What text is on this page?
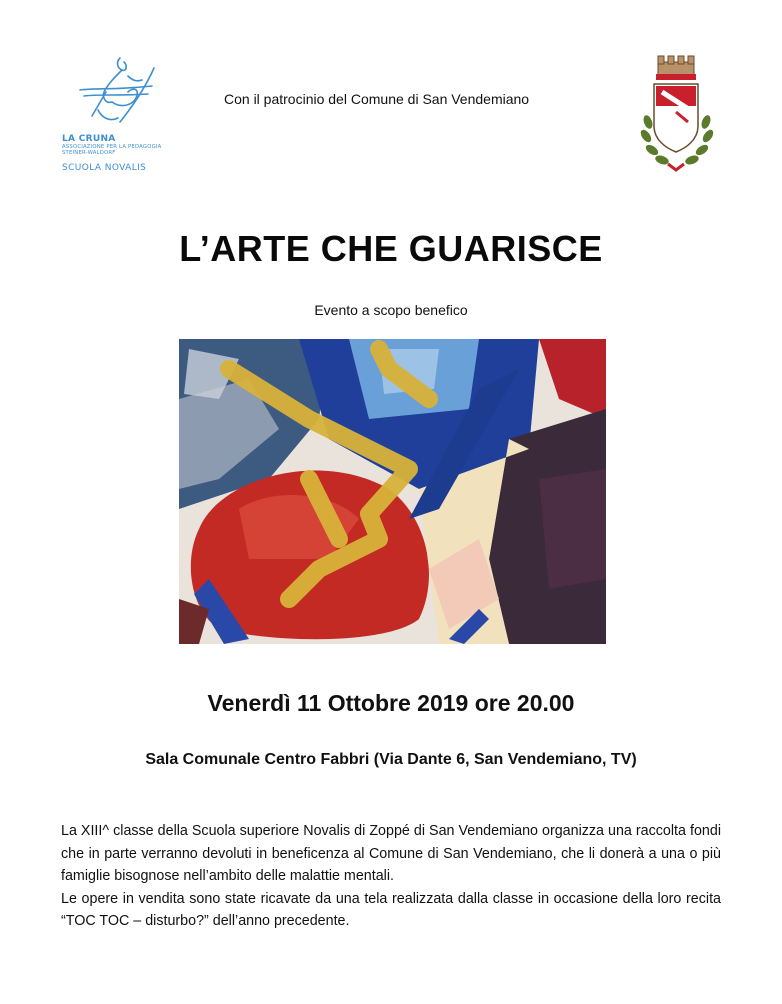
LA CRUNA
ASSOCIAZIONE PER LA PEDAGOGIA
STEINER-WALDORF
SCUOLA NOVALIS
Con il patrocinio del Comune di San Vendemiano
L’ARTE CHE GUARISCE
Evento a scopo benefico
Venerdì 11 Ottobre 2019 ore 20.00
Sala Comunale Centro Fabbri (Via Dante 6, San Vendemiano, TV)

La XIII^ classe della Scuola superiore Novalis di Zoppé di San Vendemiano organizza una raccolta fondi che in parte verranno devoluti in beneficenza al Comune di San Vendemiano, che li donerà a una o più famiglie bisognose nell’ambito delle malattie mentali.

Le opere in vendita sono state ricavate da una tela realizzata dalla classe in occasione della loro recita “TOC TOC – disturbo?” dell’anno precedente.
